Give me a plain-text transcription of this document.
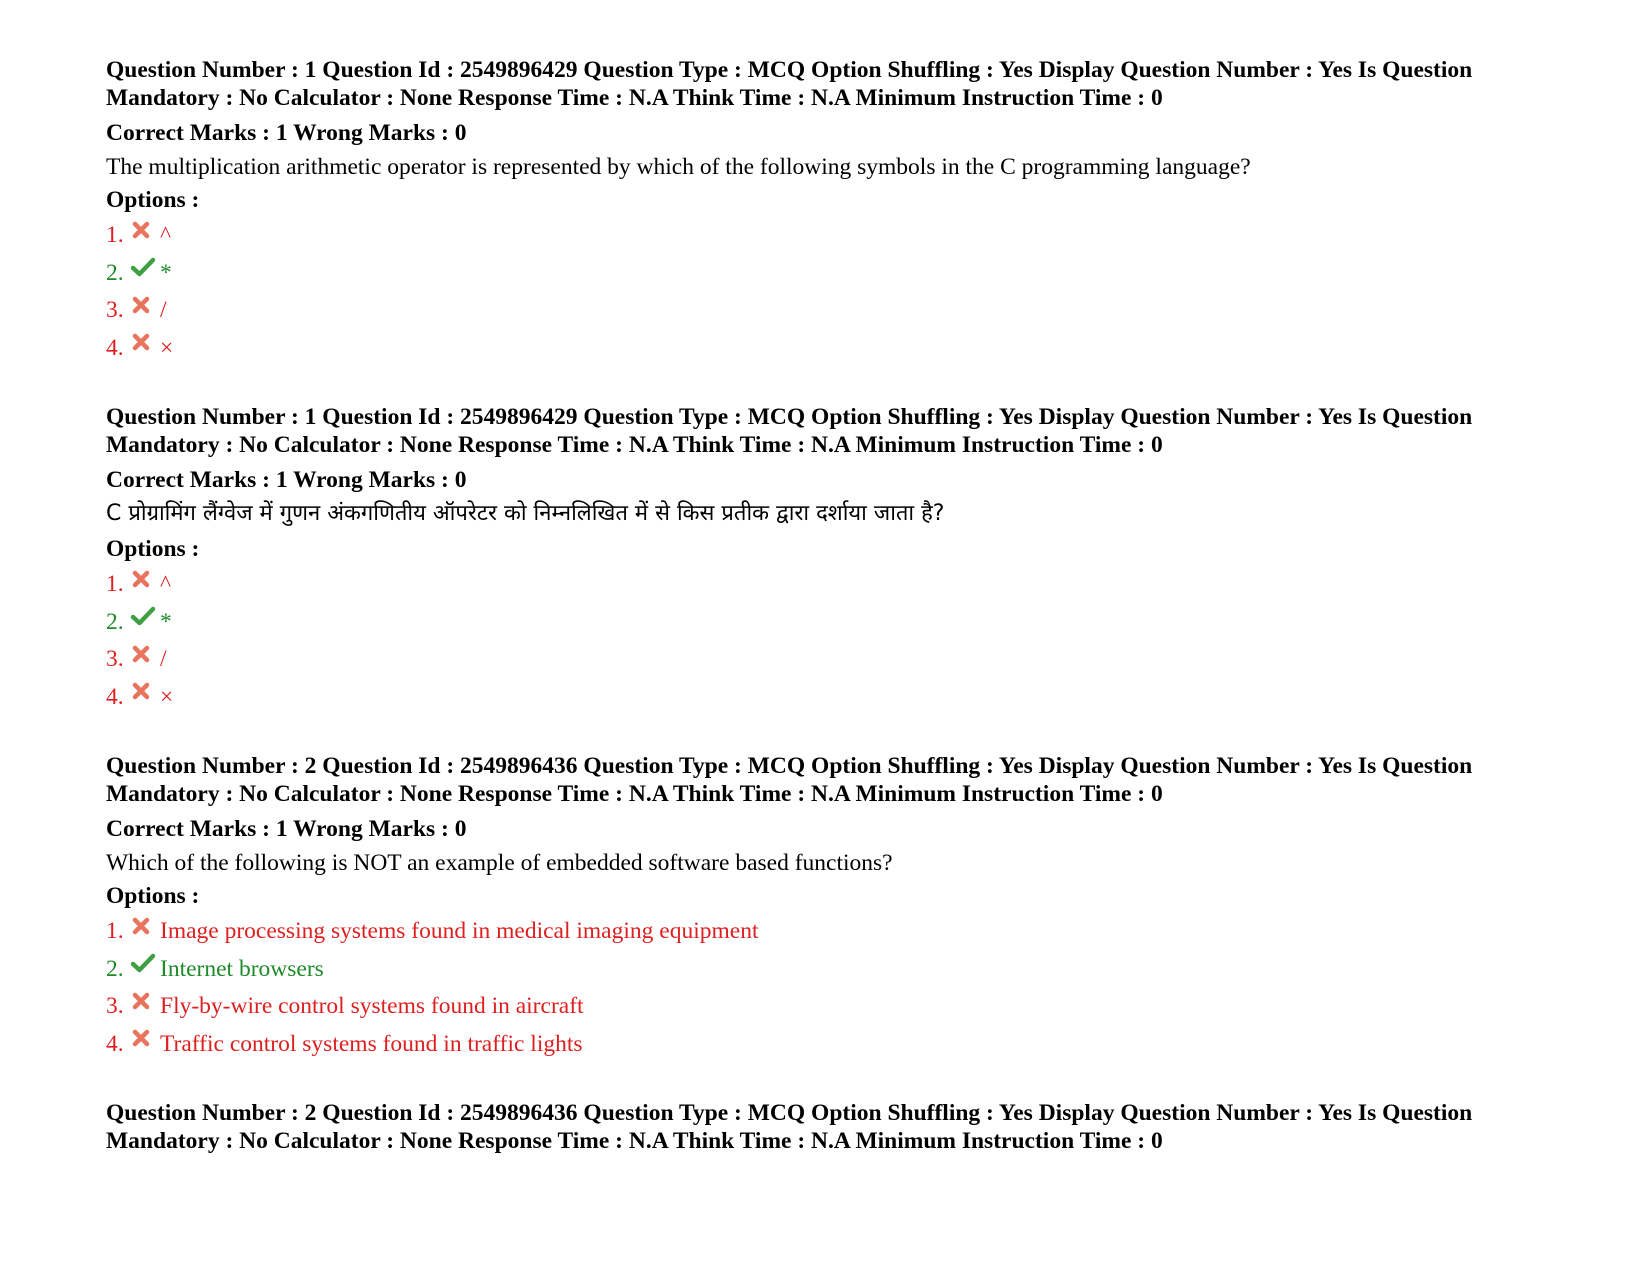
Question Number : 1 Question Id : 2549896429 Question Type : MCQ Option Shuffling : Yes Display Question Number : Yes Is Question
Mandatory : No Calculator : None Response Time : N.A Think Time : N.A Minimum Instruction Time : 0

Correct Marks : 1 Wrong Marks : 0

The multiplication arithmetic operator is represented by which of the following symbols in the C programming language?

Options :

1. ^
2. *
3. /
4. ×

Question Number : 1 Question Id : 2549896429 Question Type : MCQ Option Shuffling : Yes Display Question Number : Yes Is Question
Mandatory : No Calculator : None Response Time : N.A Think Time : N.A Minimum Instruction Time : 0

Correct Marks : 1 Wrong Marks : 0

C प्रोग्रामिंग लैंग्वेज में गुणन अंकगणितीय ऑपरेटर को निम्नलिखित में से किस प्रतीक द्वारा दर्शाया जाता है?

Options :

1. ^
2. *
3. /
4. ×

Question Number : 2 Question Id : 2549896436 Question Type : MCQ Option Shuffling : Yes Display Question Number : Yes Is Question
Mandatory : No Calculator : None Response Time : N.A Think Time : N.A Minimum Instruction Time : 0

Correct Marks : 1 Wrong Marks : 0

Which of the following is NOT an example of embedded software based functions?

Options :

1. Image processing systems found in medical imaging equipment
2. Internet browsers
3. Fly-by-wire control systems found in aircraft
4. Traffic control systems found in traffic lights

Question Number : 2 Question Id : 2549896436 Question Type : MCQ Option Shuffling : Yes Display Question Number : Yes Is Question
Mandatory : No Calculator : None Response Time : N.A Think Time : N.A Minimum Instruction Time : 0
